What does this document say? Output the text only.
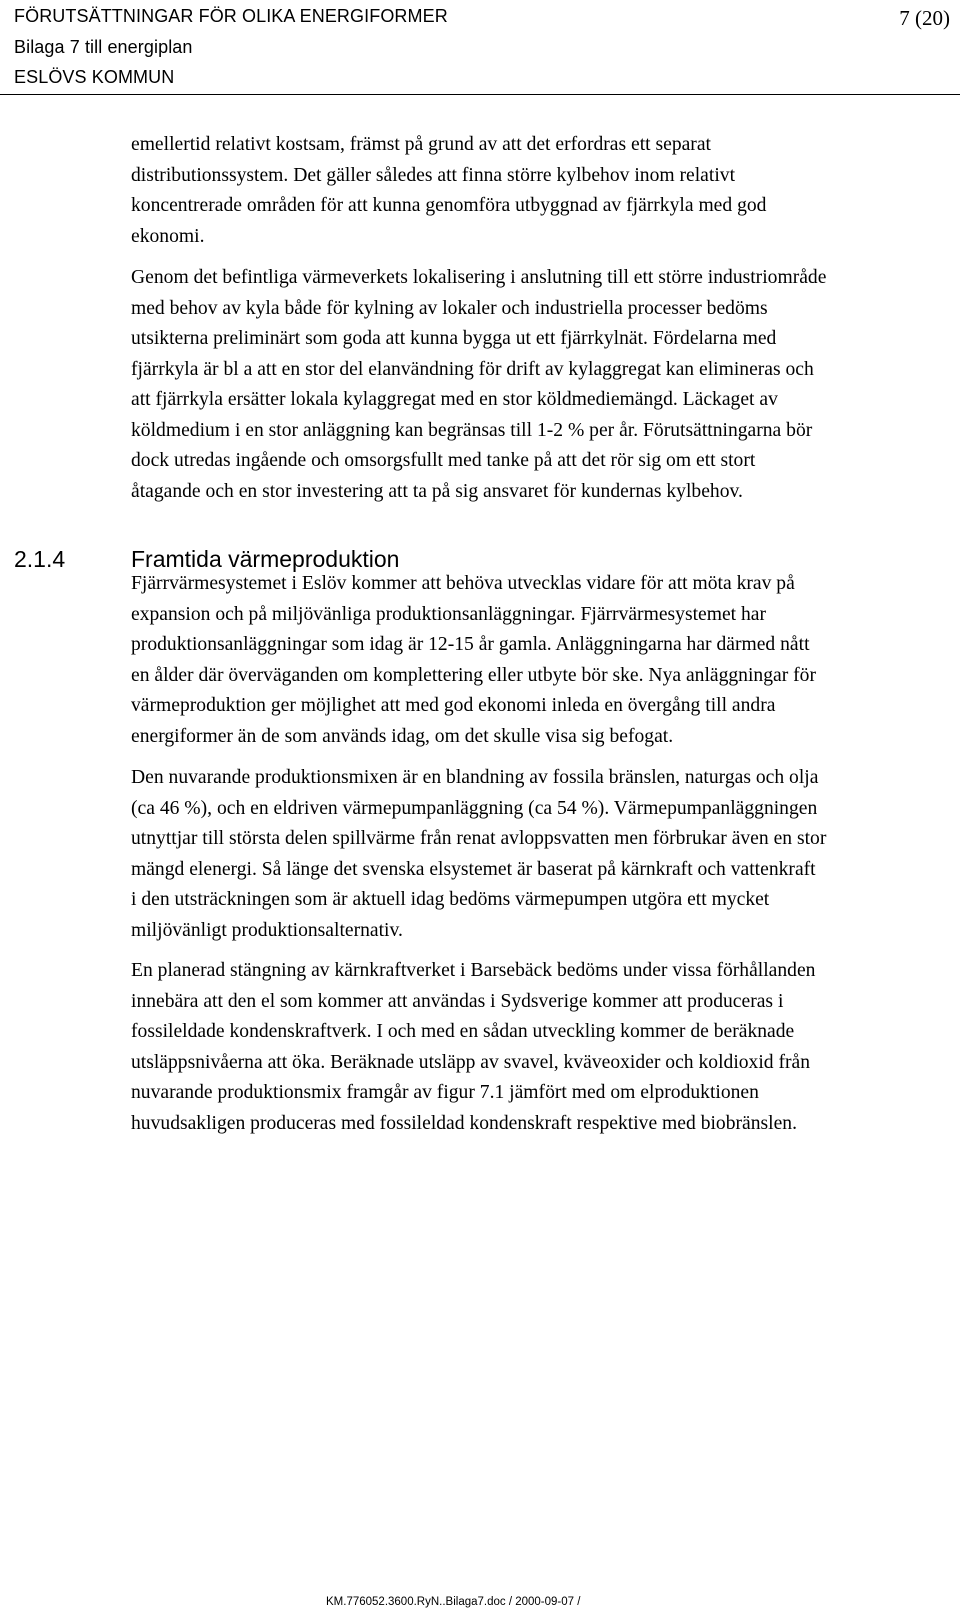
FÖRUTSÄTTNINGAR FÖR OLIKA ENERGIFORMER
Bilaga 7 till energiplan
ESLÖVS KOMMUN
7 (20)

emellertid relativt kostsam, främst på grund av att det erfordras ett separat
distributionssystem. Det gäller således att finna större kylbehov inom relativt
koncentrerade områden för att kunna genomföra utbyggnad av fjärrkyla med god
ekonomi.

Genom det befintliga värmeverkets lokalisering i anslutning till ett större industriområde
med behov av kyla både för kylning av lokaler och industriella processer bedöms
utsikterna preliminärt som goda att kunna bygga ut ett fjärrkylnät. Fördelarna med
fjärrkyla är bl a att en stor del elanvändning för drift av kylaggregat kan elimineras och
att fjärrkyla ersätter lokala kylaggregat med en stor köldmediemängd. Läckaget av
köldmedium i en stor anläggning kan begränsas till 1-2 % per år. Förutsättningarna bör
dock utredas ingående och omsorgsfullt med tanke på att det rör sig om ett stort
åtagande och en stor investering att ta på sig ansvaret för kundernas kylbehov.

2.1.4	Framtida värmeproduktion

Fjärrvärmesystemet i Eslöv kommer att behöva utvecklas vidare för att möta krav på
expansion och på miljövänliga produktionsanläggningar. Fjärrvärmesystemet har
produktionsanläggningar som idag är 12-15 år gamla. Anläggningarna har därmed nått
en ålder där överväganden om komplettering eller utbyte bör ske. Nya anläggningar för
värmeproduktion ger möjlighet att med god ekonomi inleda en övergång till andra
energiformer än de som används idag, om det skulle visa sig befogat.

Den nuvarande produktionsmixen är en blandning av fossila bränslen, naturgas och olja
(ca 46 %), och en eldriven värmepumpanläggning (ca 54 %). Värmepumpanläggningen
utnyttjar till största delen spillvärme från renat avloppsvatten men förbrukar även en stor
mängd elenergi. Så länge det svenska elsystemet är baserat på kärnkraft och vattenkraft
i den utsträckningen som är aktuell idag bedöms värmepumpen utgöra ett mycket
miljövänligt produktionsalternativ.

En planerad stängning av kärnkraftverket i Barsebäck bedöms under vissa förhållanden
innebära att den el som kommer att användas i Sydsverige kommer att produceras i
fossileldade kondenskraftverk. I och med en sådan utveckling kommer de beräknade
utsläppsnivåerna att öka. Beräknade utsläpp av svavel, kväveoxider och koldioxid från
nuvarande produktionsmix framgår av figur 7.1 jämfört med om elproduktionen
huvudsakligen produceras med fossileldad kondenskraft respektive med biobränslen.

KM.776052.3600.RyN..Bilaga7.doc / 2000-09-07 /
